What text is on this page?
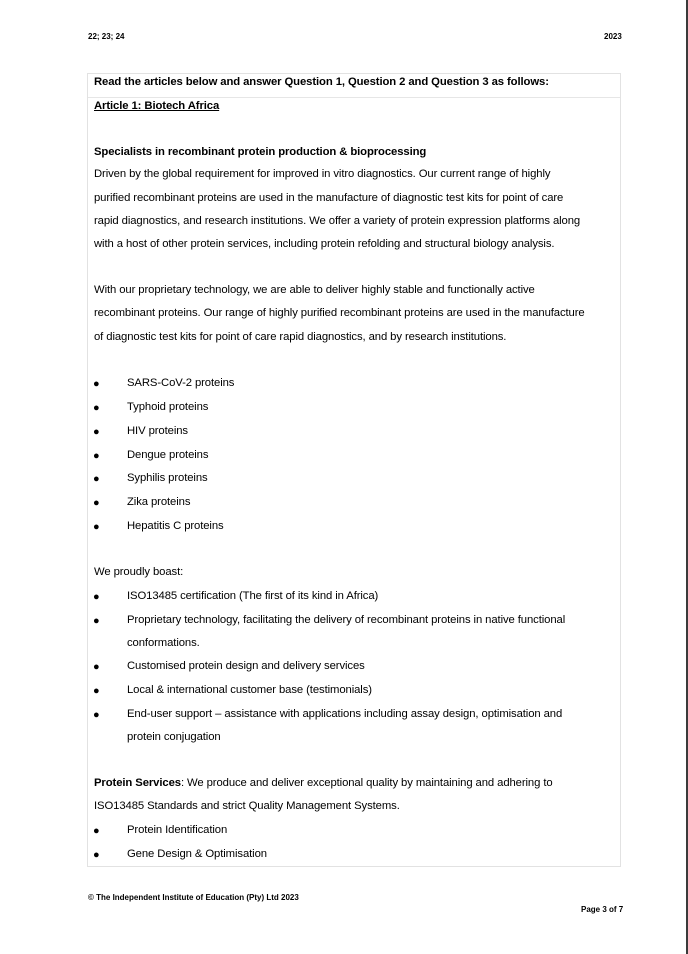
22; 23; 24	2023
Read the articles below and answer Question 1, Question 2 and Question 3 as follows:
Article 1: Biotech Africa
Specialists in recombinant protein production & bioprocessing
Driven by the global requirement for improved in vitro diagnostics. Our current range of highly
purified recombinant proteins are used in the manufacture of diagnostic test kits for point of care
rapid diagnostics, and research institutions. We offer a variety of protein expression platforms along
with a host of other protein services, including protein refolding and structural biology analysis.
With our proprietary technology, we are able to deliver highly stable and functionally active
recombinant proteins. Our range of highly purified recombinant proteins are used in the manufacture
of diagnostic test kits for point of care rapid diagnostics, and by research institutions.
● SARS-CoV-2 proteins
● Typhoid proteins
● HIV proteins
● Dengue proteins
● Syphilis proteins
● Zika proteins
● Hepatitis C proteins
We proudly boast:
● ISO13485 certification (The first of its kind in Africa)
● Proprietary technology, facilitating the delivery of recombinant proteins in native functional
conformations.
● Customised protein design and delivery services
● Local & international customer base (testimonials)
● End-user support – assistance with applications including assay design, optimisation and
protein conjugation
Protein Services: We produce and deliver exceptional quality by maintaining and adhering to
ISO13485 Standards and strict Quality Management Systems.
● Protein Identification
● Gene Design & Optimisation
© The Independent Institute of Education (Pty) Ltd 2023
Page 3 of 7
